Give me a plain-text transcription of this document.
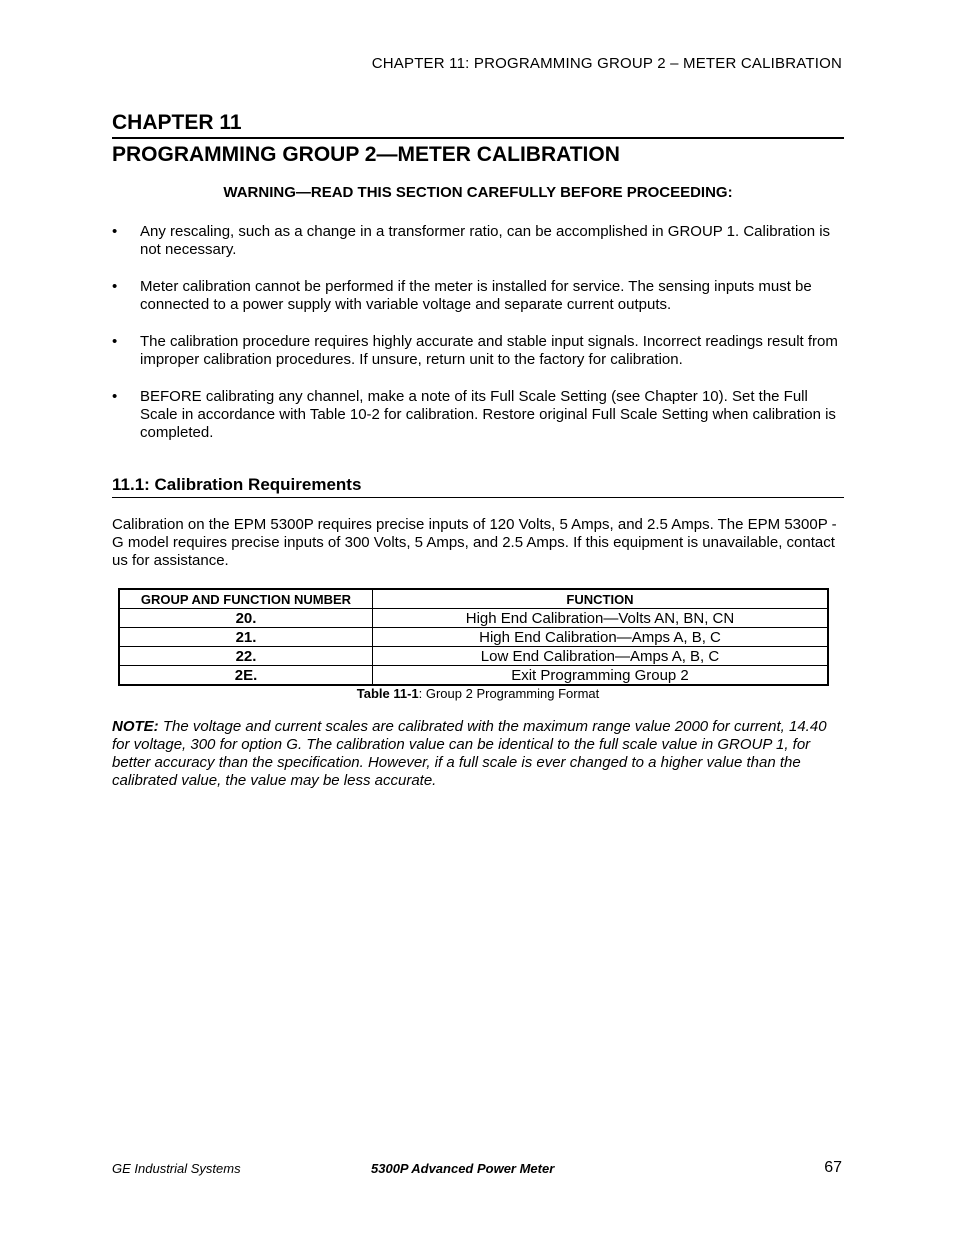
CHAPTER 11: PROGRAMMING GROUP 2 – METER CALIBRATION
CHAPTER 11
PROGRAMMING GROUP 2—METER CALIBRATION
WARNING—READ THIS SECTION CAREFULLY BEFORE PROCEEDING:
• Any rescaling, such as a change in a transformer ratio, can be accomplished in GROUP 1. Calibration is not necessary.
• Meter calibration cannot be performed if the meter is installed for service. The sensing inputs must be connected to a power supply with variable voltage and separate current outputs.
• The calibration procedure requires highly accurate and stable input signals. Incorrect readings result from improper calibration procedures. If unsure, return unit to the factory for calibration.
• BEFORE calibrating any channel, make a note of its Full Scale Setting (see Chapter 10). Set the Full Scale in accordance with Table 10-2 for calibration. Restore original Full Scale Setting when calibration is completed.
11.1: Calibration Requirements

Calibration on the EPM 5300P requires precise inputs of 120 Volts, 5 Amps, and 2.5 Amps. The EPM 5300P -G model requires precise inputs of 300 Volts, 5 Amps, and 2.5 Amps. If this equipment is unavailable, contact us for assistance.

GROUP AND FUNCTION NUMBER	FUNCTION
20.	High End Calibration—Volts AN, BN, CN
21.	High End Calibration—Amps A, B, C
22.	Low End Calibration—Amps A, B, C
2E.	Exit Programming Group 2
Table 11-1: Group 2 Programming Format

NOTE: The voltage and current scales are calibrated with the maximum range value 2000 for current, 14.40 for voltage, 300 for option G. The calibration value can be identical to the full scale value in GROUP 1, for better accuracy than the specification. However, if a full scale is ever changed to a higher value than the calibrated value, the value may be less accurate.

GE Industrial Systems	5300P Advanced Power Meter	67
